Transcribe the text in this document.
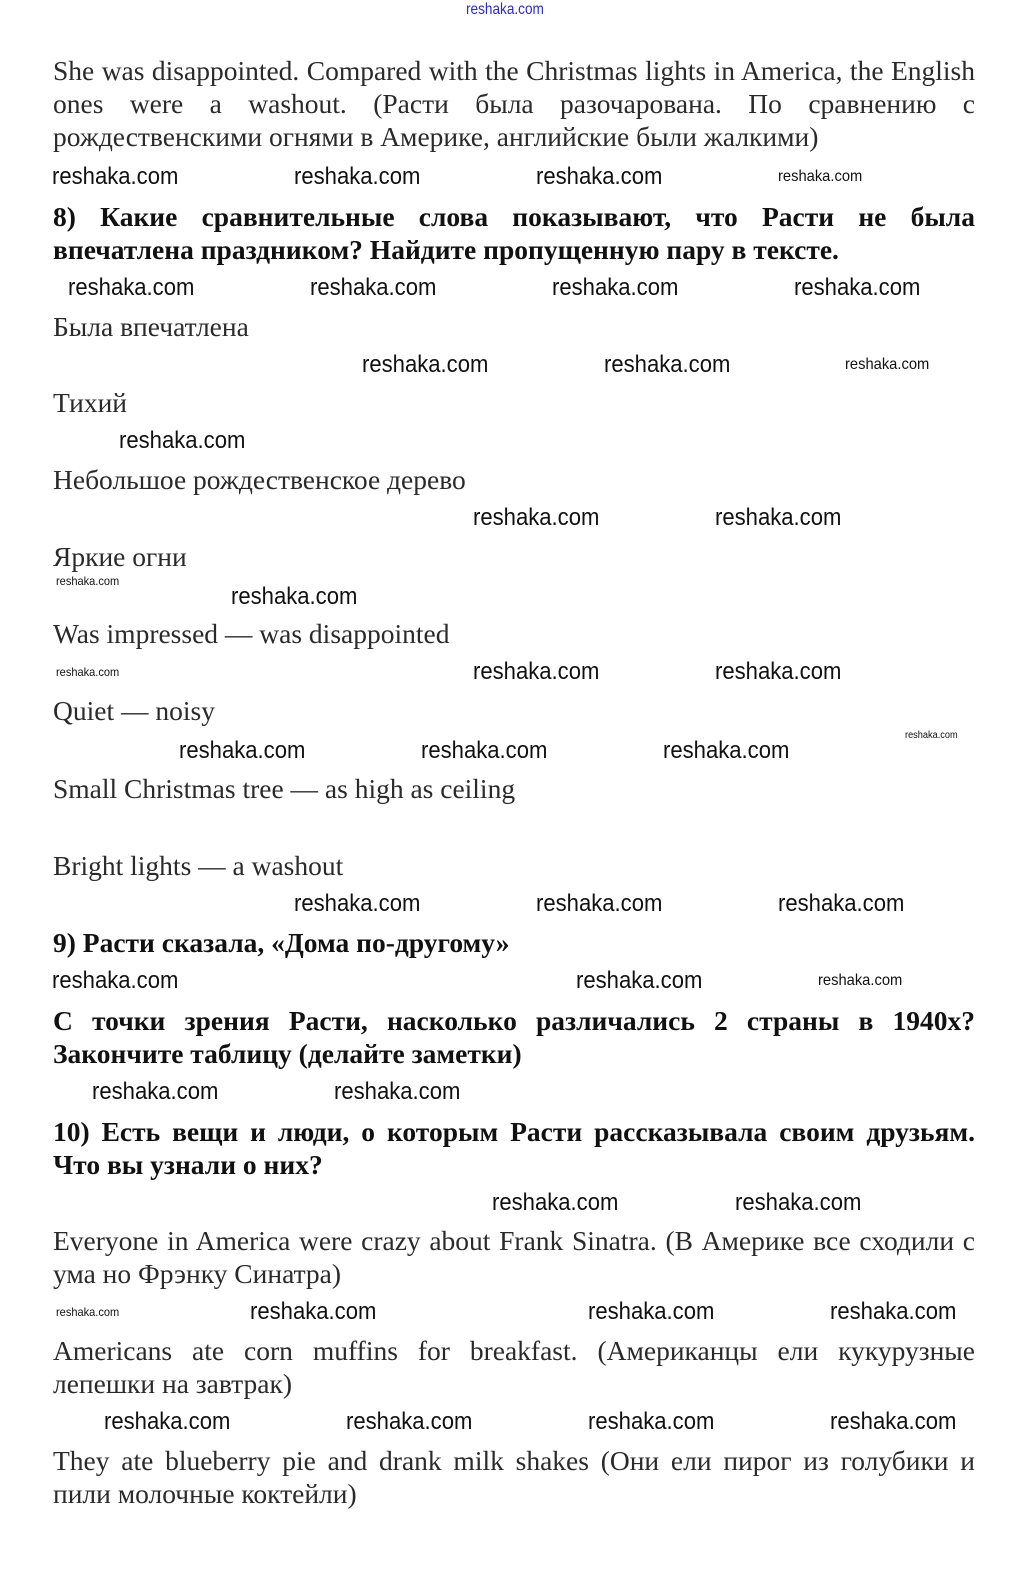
reshaka.com
She was disappointed. Compared with the Christmas lights in America, the English ones were a washout. (Расти была разочарована. По сравнению с рождественскими огнями в Америке, английские были жалкими)
reshaka.com	reshaka.com	reshaka.com	reshaka.com
8) Какие сравнительные слова показывают, что Расти не была впечатлена праздником? Найдите пропущенную пару в тексте.
reshaka.com	reshaka.com	reshaka.com	reshaka.com
Была впечатлена
reshaka.com	reshaka.com	reshaka.com
Тихий
reshaka.com
Небольшое рождественское дерево
reshaka.com	reshaka.com
Яркие огни
reshaka.com
reshaka.com
Was impressed — was disappointed
reshaka.com	reshaka.com	reshaka.com
Quiet — noisy
reshaka.com	reshaka.com	reshaka.com
reshaka.com
Small Christmas tree — as high as ceiling
Bright lights — a washout
reshaka.com	reshaka.com	reshaka.com
9) Расти сказала, «Дома по-другому»
reshaka.com	reshaka.com	reshaka.com
С точки зрения Расти, насколько различались 2 страны в 1940х? Закончите таблицу (делайте заметки)
reshaka.com	reshaka.com
10) Есть вещи и люди, о которым Расти рассказывала своим друзьям. Что вы узнали о них?
reshaka.com	reshaka.com
Everyone in America were crazy about Frank Sinatra. (В Америке все сходили с ума но Фрэнку Синатра)
reshaka.com	reshaka.com	reshaka.com	reshaka.com
Americans ate corn muffins for breakfast. (Американцы ели кукурузные лепешки на завтрак)
reshaka.com	reshaka.com	reshaka.com	reshaka.com
They ate blueberry pie and drank milk shakes (Они ели пирог из голубики и пили молочные коктейли)
